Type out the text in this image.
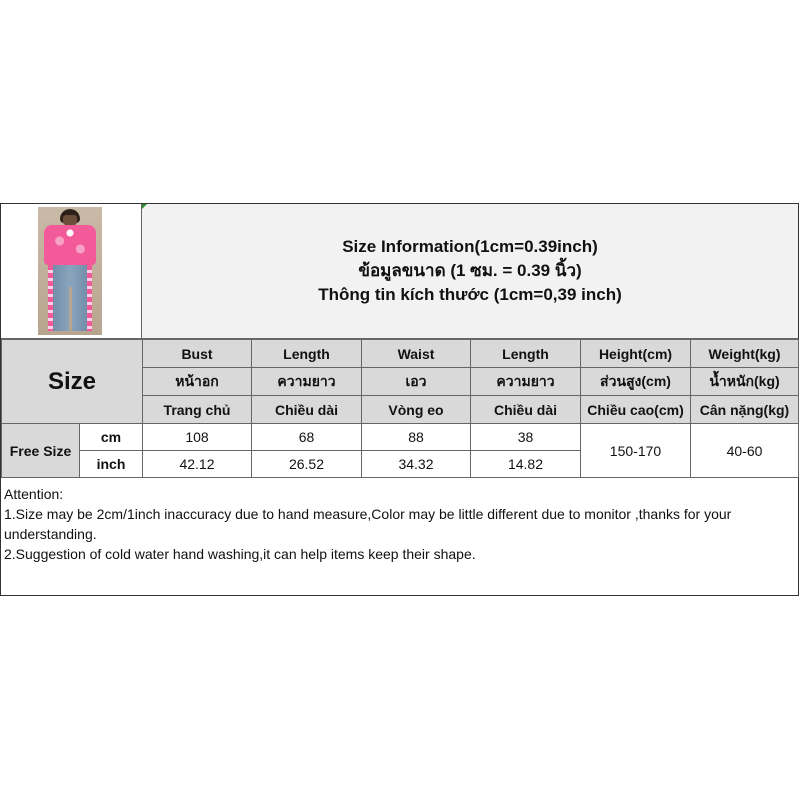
Size Information(1cm=0.39inch)
ข้อมูลขนาด (1 ซม. = 0.39 นิ้ว)
Thông tin kích thước (1cm=0,39 inch)
Size		Bust	Length	Waist	Length	Height(cm)	Weight(kg)
		หน้าอก	ความยาว	เอว	ความยาว	ส่วนสูง(cm)	น้ำหนัก(kg)
		Trang chủ	Chiều dài	Vòng eo	Chiều dài	Chiều cao(cm)	Cân nặng(kg)
Free Size	cm	108	68	88	38	150-170	40-60
	inch	42.12	26.52	34.32	14.82		

Attention:

1.Size may be 2cm/1inch inaccuracy due to hand measure,Color may be little different due to monitor ,thanks for your understanding.

2.Suggestion of cold water hand washing,it can help items keep their shape.
